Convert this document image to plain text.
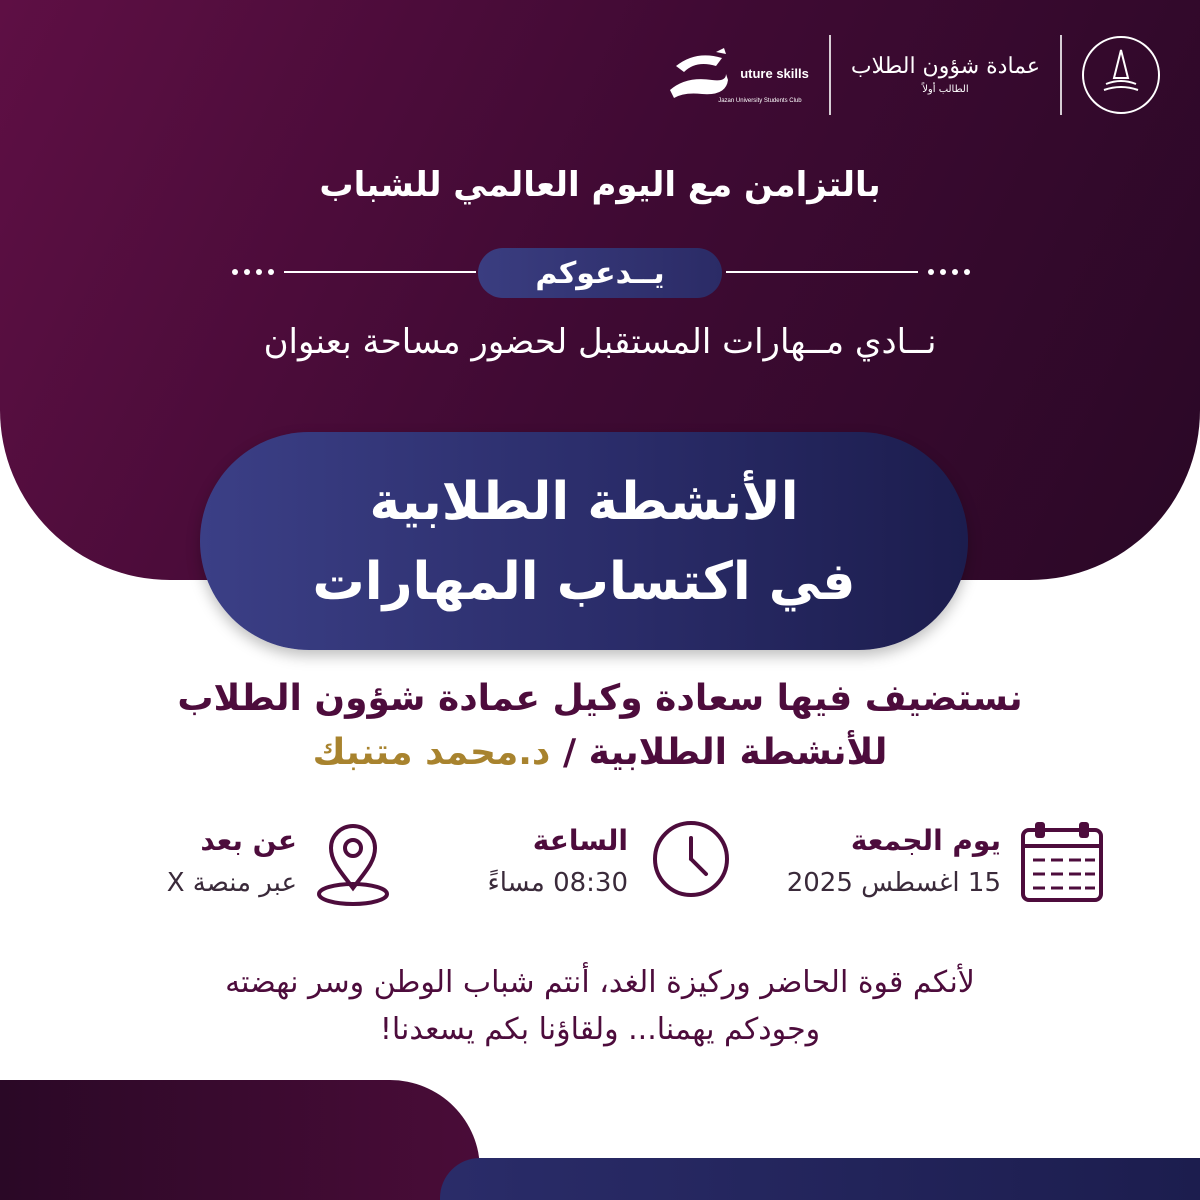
عمادة شؤون الطلاب
الطالب أولاً
uture skills
Jazan University Students Club
بالتزامن مع اليوم العالمي للشباب
يــدعوكم
نــادي مــهارات المستقبل لحضور مساحة بعنوان
الأنشطة الطلابية
في اكتساب المهارات
نستضيف فيها سعادة وكيل عمادة شؤون الطلاب
للأنشطة الطلابية / د.محمد متنبك
يوم الجمعة
15 اغسطس 2025
الساعة
08:30 مساءً
عن بعد
عبر منصة X
لأنكم قوة الحاضر وركيزة الغد، أنتم شباب الوطن وسر نهضته
وجودكم يهمنا... ولقاؤنا بكم يسعدنا!
